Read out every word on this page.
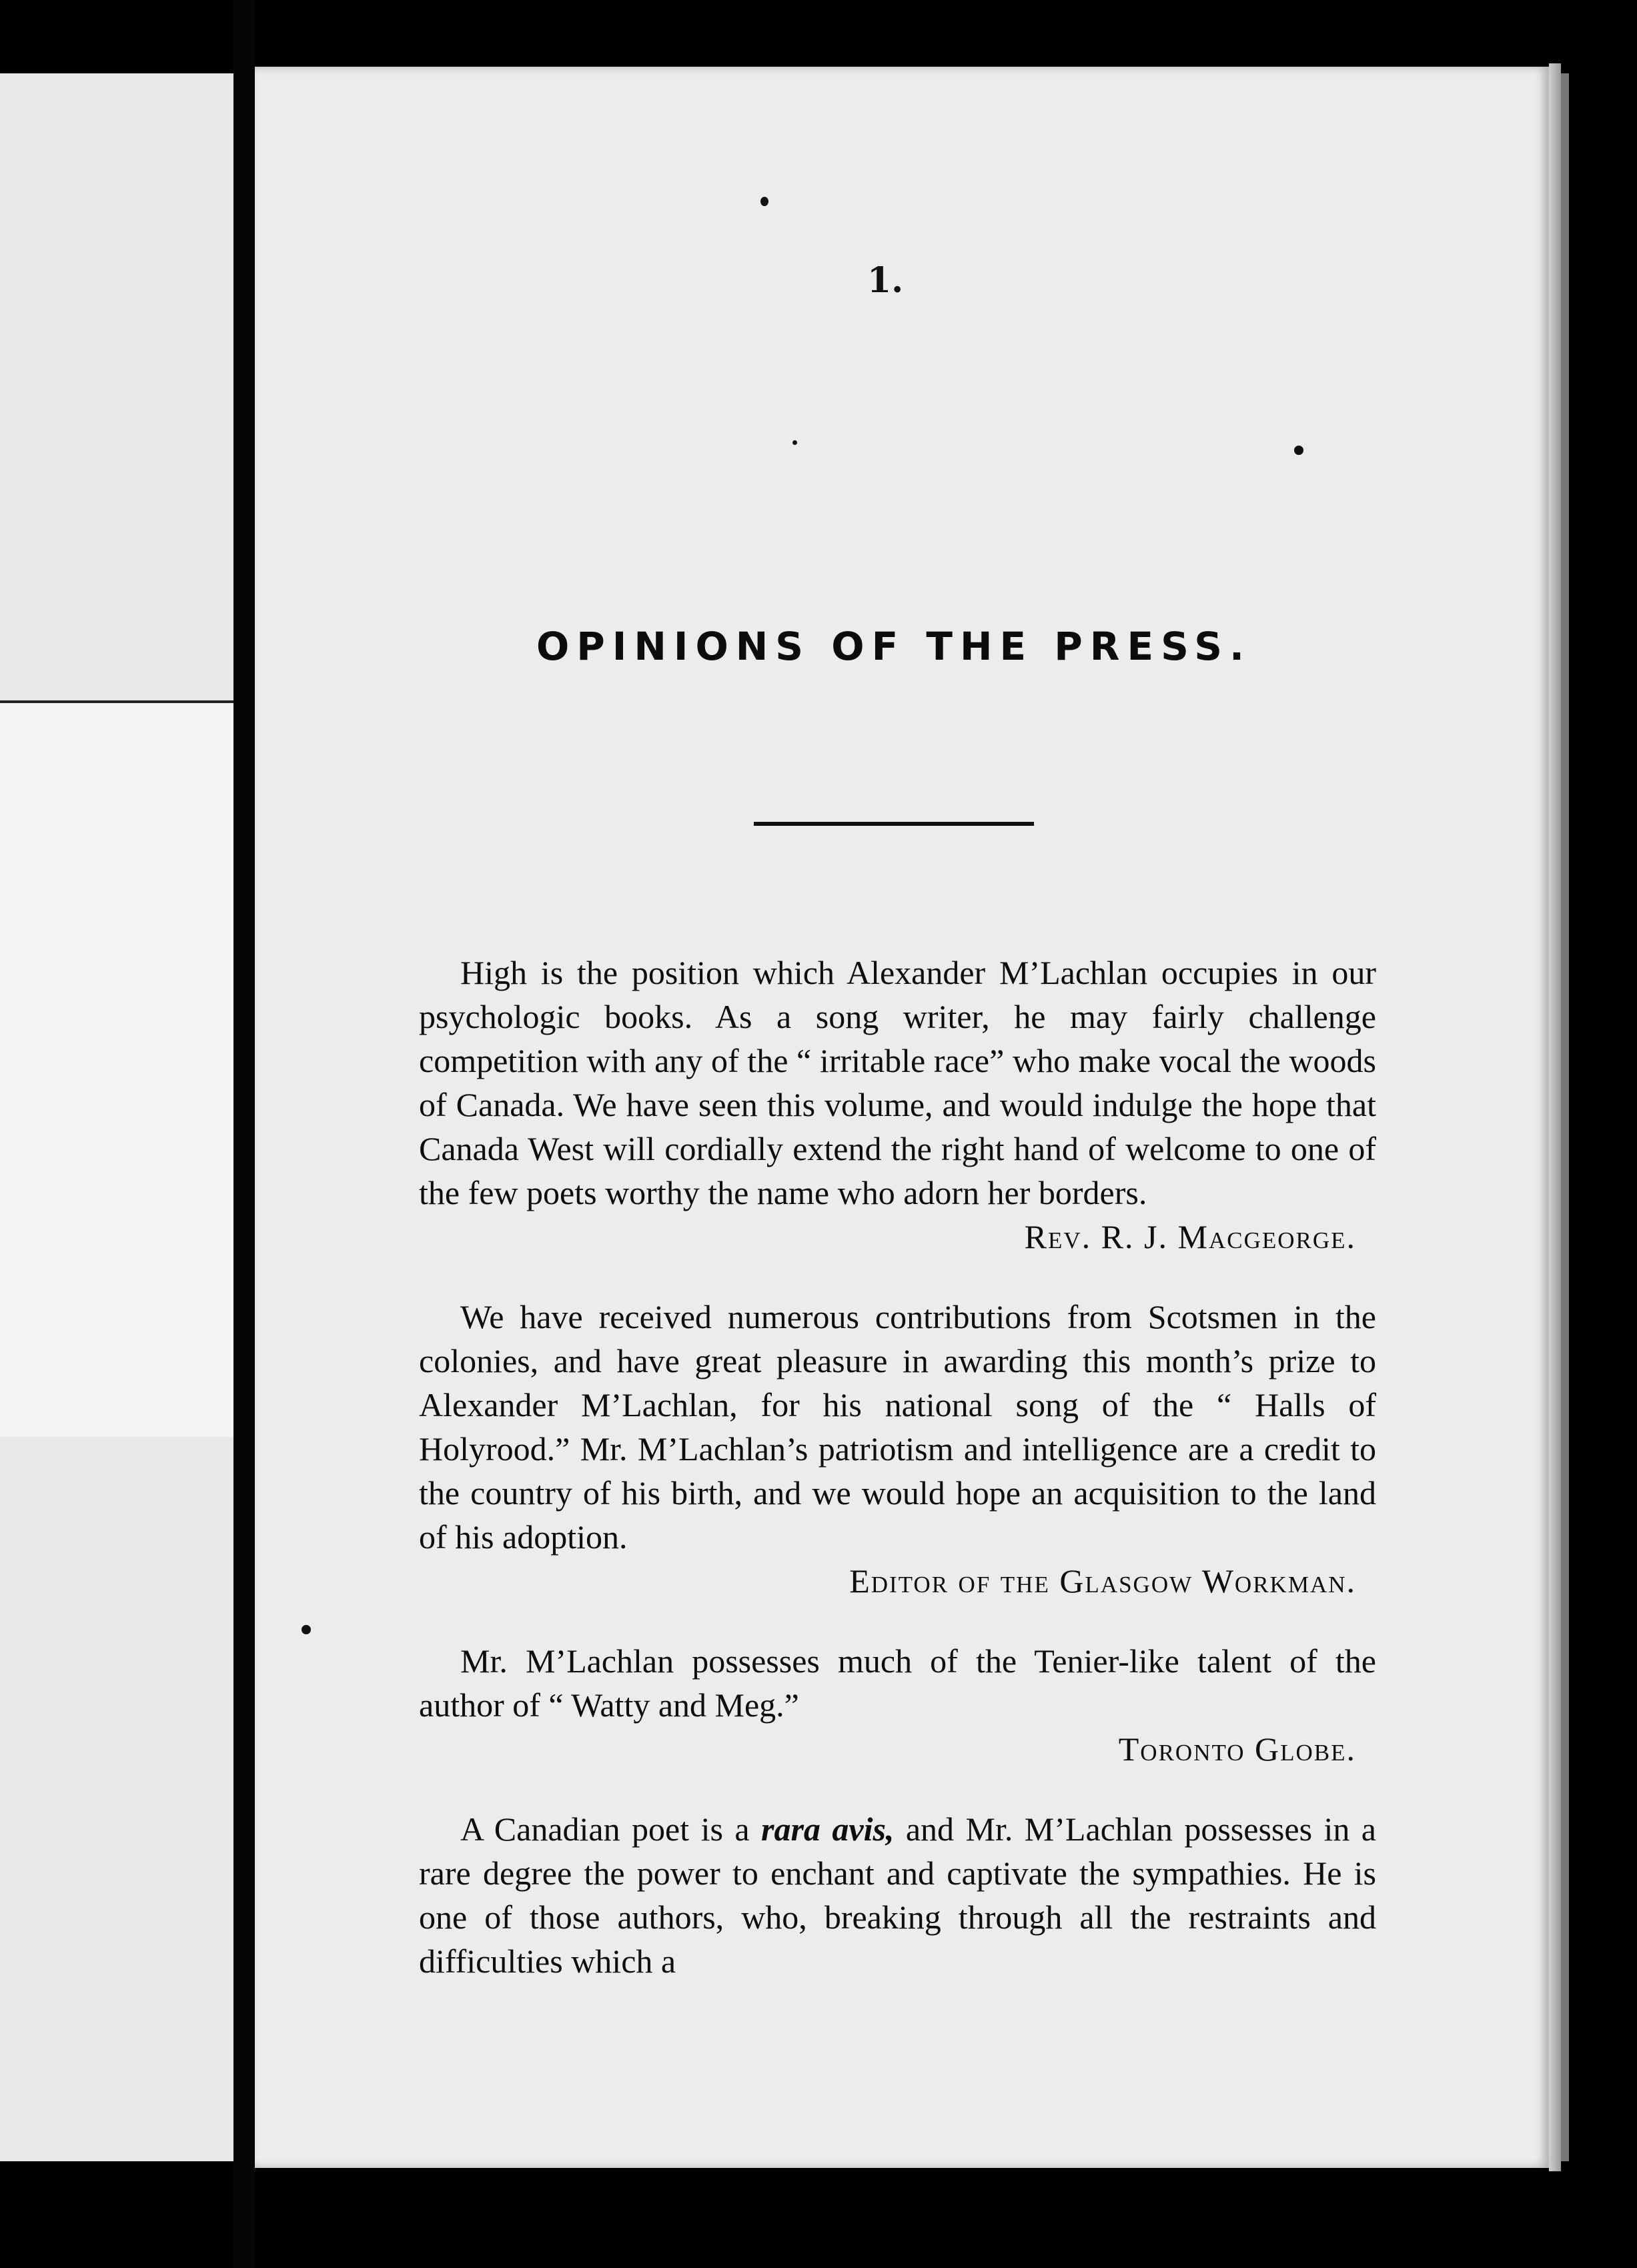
1.
OPINIONS OF THE PRESS.

High is the position which Alexander M’Lachlan occupies in our psychologic books. As a song writer, he may fairly challenge competition with any of the “ irritable race” who make vocal the woods of Canada. We have seen this volume, and would indulge the hope that Canada West will cordially extend the right hand of welcome to one of the few poets worthy the name who adorn her borders.

Rev. R. J. Macgeorge.

We have received numerous contributions from Scotsmen in the colonies, and have great pleasure in awarding this month’s prize to Alexander M’Lachlan, for his national song of the “ Halls of Holyrood.” Mr. M’Lachlan’s patriotism and intelligence are a credit to the country of his birth, and we would hope an acquisition to the land of his adoption.

Editor of the Glasgow Workman.

Mr. M’Lachlan possesses much of the Tenier-like talent of the author of “ Watty and Meg.”

Toronto Globe.

A Canadian poet is a rara avis, and Mr. M’Lachlan possesses in a rare degree the power to enchant and captivate the sympathies. He is one of those authors, who, breaking through all the restraints and difficulties which a
